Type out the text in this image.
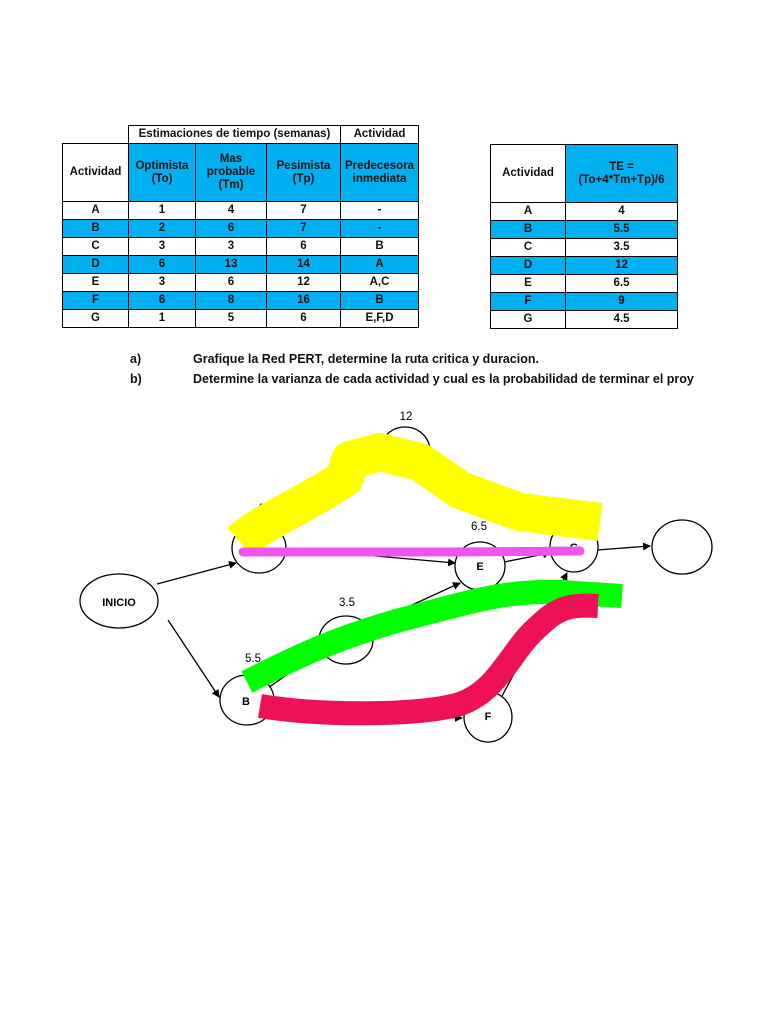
	Estimaciones de tiempo (semanas)			Actividad
Actividad	Optimista (To)	Mas probable (Tm)	Pesimista (Tp)	Predecesora inmediata
A	1	4	7	-
B	2	6	7	-
C	3	3	6	B
D	6	13	14	A
E	3	6	12	A,C
F	6	8	16	B
G	1	5	6	E,F,D
Actividad	TE = (To+4*Tm+Tp)/6
A	4
B	5.5
C	3.5
D	12
E	6.5
F	9
G	4.5
a)	Grafique la Red PERT, determine la ruta critica y duracion.
b)	Determine la varianza de cada actividad y cual es la probabilidad de terminar el proy
INICIO
A
B
C
D
E
F
G
4
5.5
3.5
12
6.5
4.5
